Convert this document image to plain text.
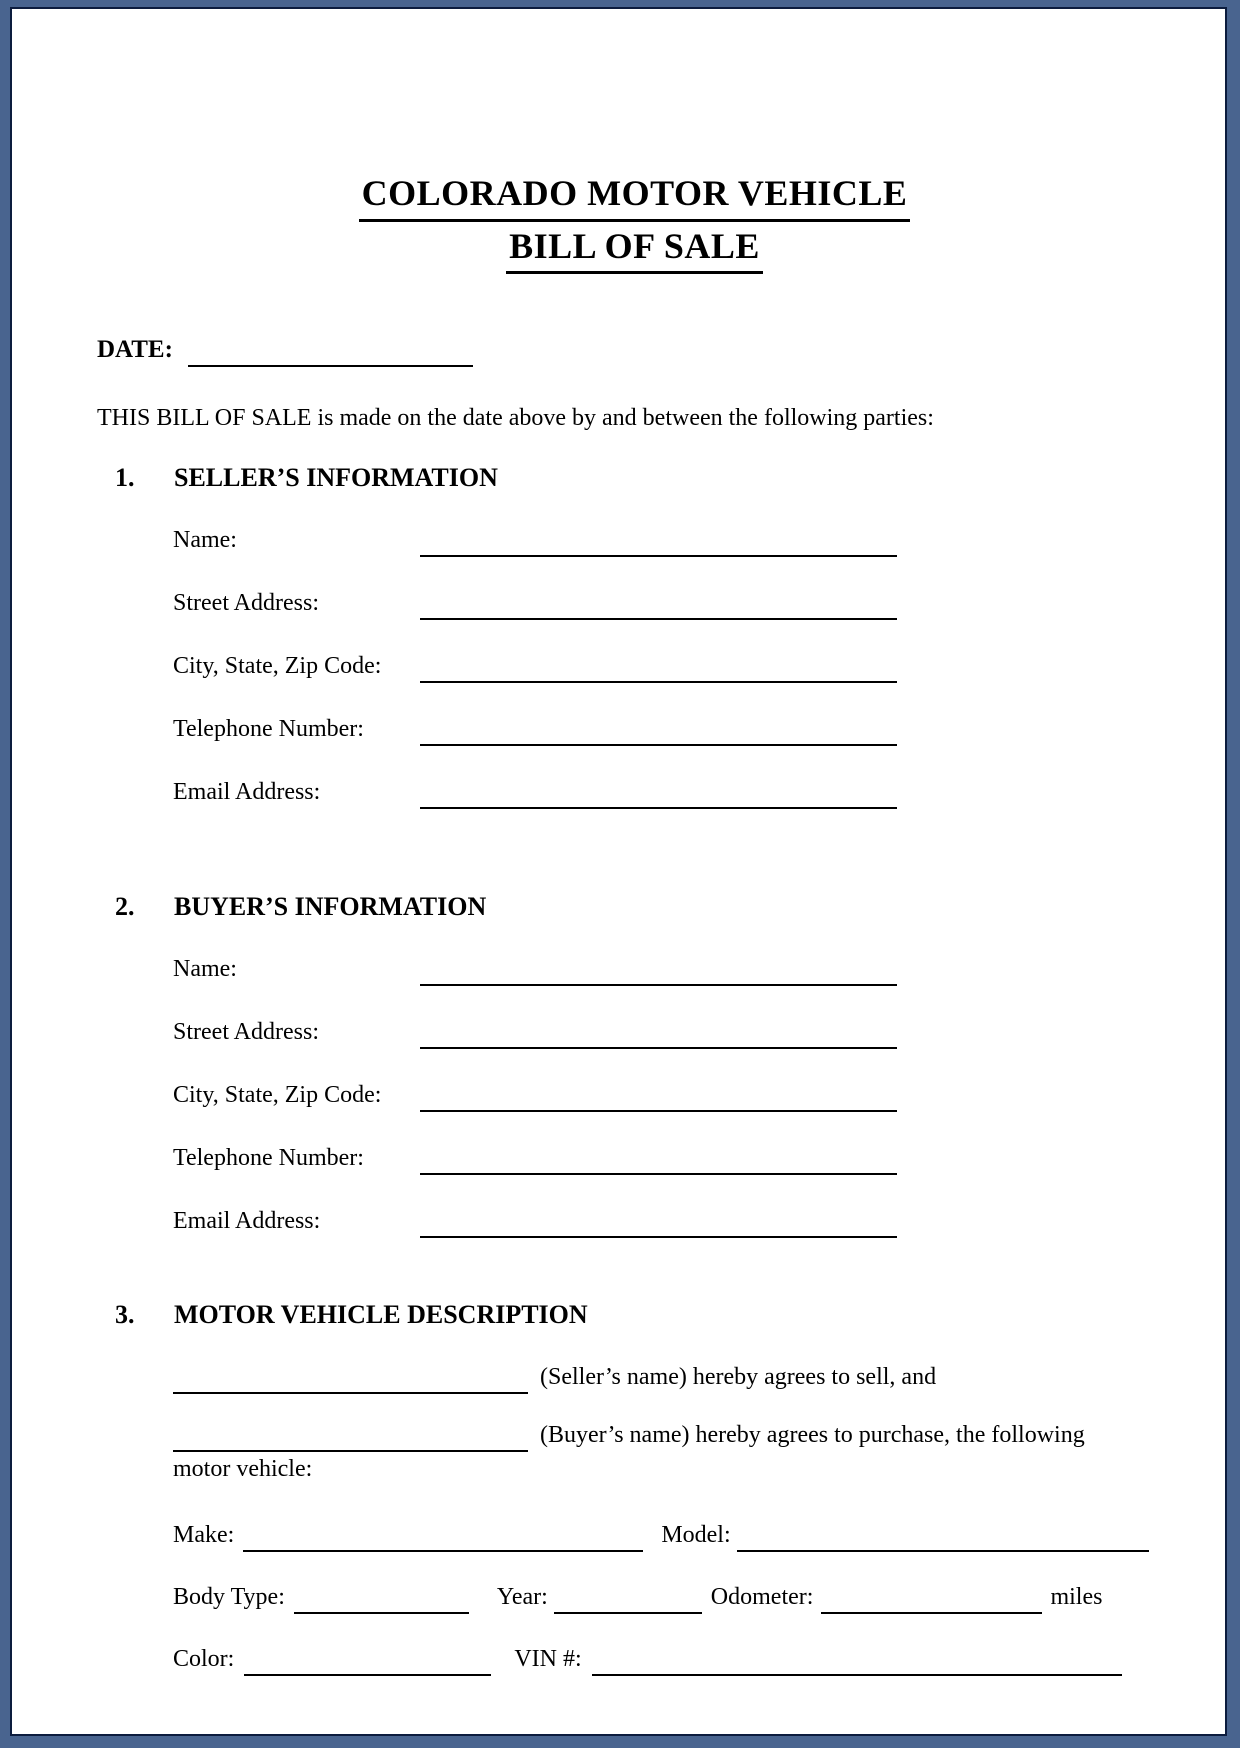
COLORADO MOTOR VEHICLE
BILL OF SALE
DATE:
THIS BILL OF SALE is made on the date above by and between the following parties:
1.	SELLER’S INFORMATION
Name:
Street Address:
City, State, Zip Code:
Telephone Number:
Email Address:
2.	BUYER’S INFORMATION
Name:
Street Address:
City, State, Zip Code:
Telephone Number:
Email Address:
3.	MOTOR VEHICLE DESCRIPTION
(Seller’s name) hereby agrees to sell, and
(Buyer’s name) hereby agrees to purchase, the following
motor vehicle:
Make:	Model:
Body Type:	Year:	Odometer:	miles
Color:	VIN #:
